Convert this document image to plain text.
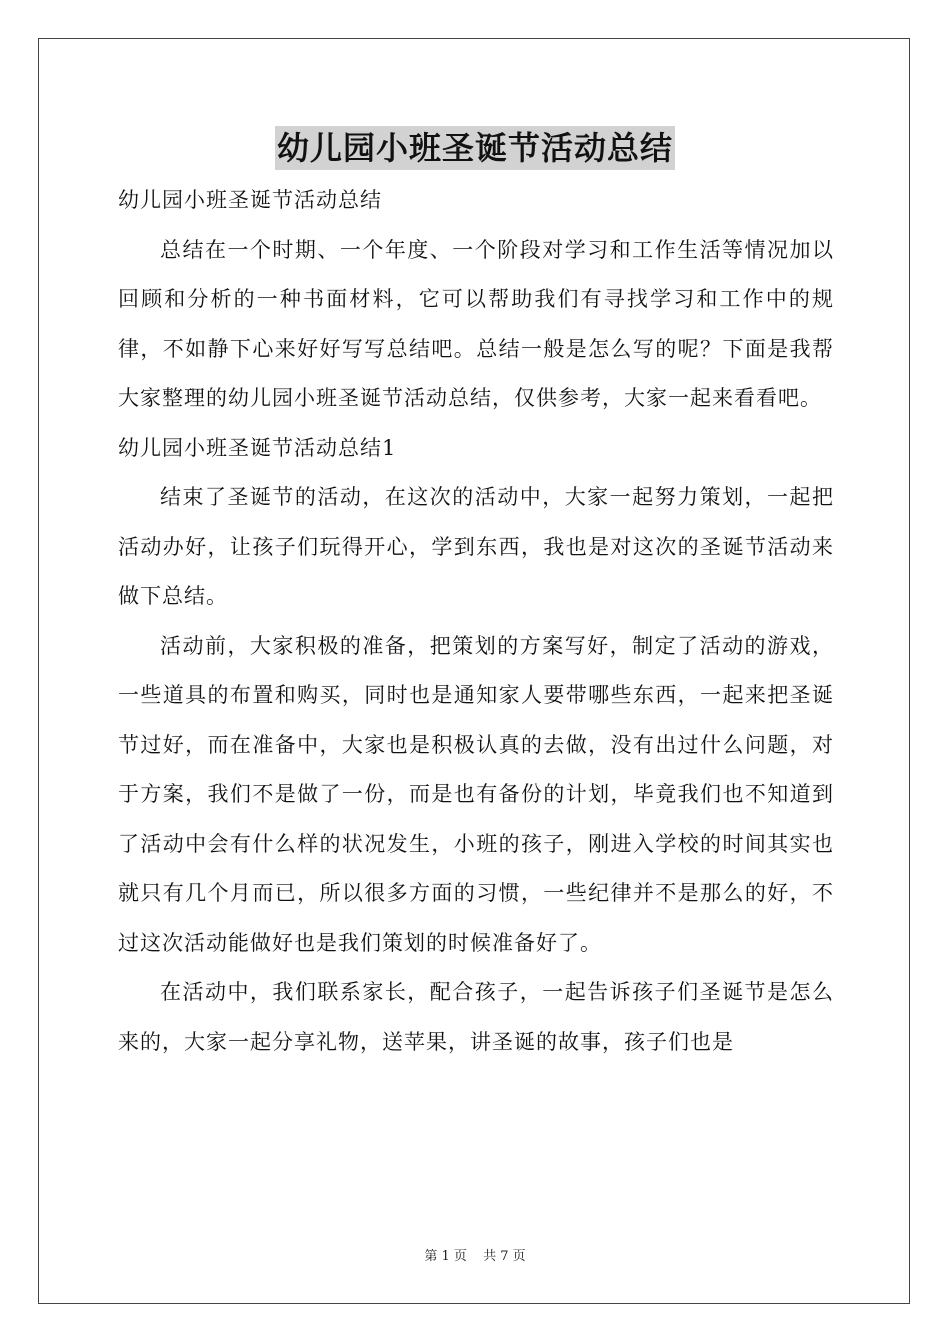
幼儿园小班圣诞节活动总结

幼儿园小班圣诞节活动总结

总结在一个时期、一个年度、一个阶段对学习和工作生活等情况加以回顾和分析的一种书面材料，它可以帮助我们有寻找学习和工作中的规律，不如静下心来好好写写总结吧。总结一般是怎么写的呢？下面是我帮大家整理的幼儿园小班圣诞节活动总结，仅供参考，大家一起来看看吧。

幼儿园小班圣诞节活动总结1

结束了圣诞节的活动，在这次的活动中，大家一起努力策划，一起把活动办好，让孩子们玩得开心，学到东西，我也是对这次的圣诞节活动来做下总结。

活动前，大家积极的准备，把策划的方案写好，制定了活动的游戏，一些道具的布置和购买，同时也是通知家人要带哪些东西，一起来把圣诞节过好，而在准备中，大家也是积极认真的去做，没有出过什么问题，对于方案，我们不是做了一份，而是也有备份的计划，毕竟我们也不知道到了活动中会有什么样的状况发生，小班的孩子，刚进入学校的时间其实也就只有几个月而已，所以很多方面的习惯，一些纪律并不是那么的好，不过这次活动能做好也是我们策划的时候准备好了。

在活动中，我们联系家长，配合孩子，一起告诉孩子们圣诞节是怎么来的，大家一起分享礼物，送苹果，讲圣诞的故事，孩子们也是

第 1 页 共 7 页
